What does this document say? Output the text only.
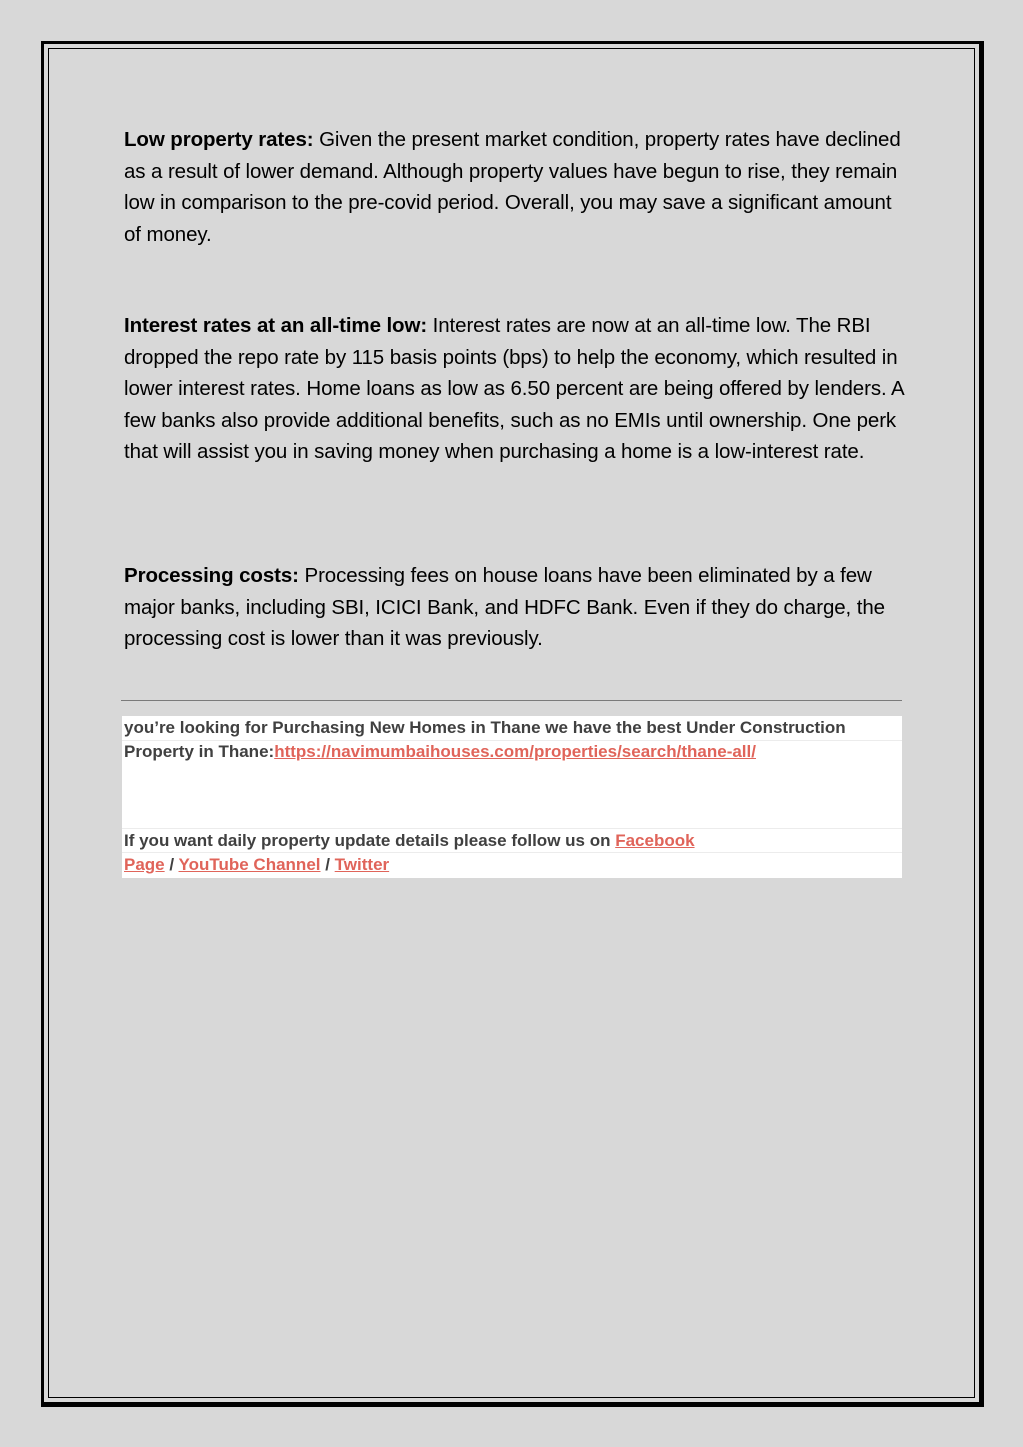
Low property rates: Given the present market condition, property rates have declined as a result of lower demand. Although property values have begun to rise, they remain low in comparison to the pre-covid period. Overall, you may save a significant amount of money.

Interest rates at an all-time low: Interest rates are now at an all-time low. The RBI dropped the repo rate by 115 basis points (bps) to help the economy, which resulted in lower interest rates. Home loans as low as 6.50 percent are being offered by lenders. A few banks also provide additional benefits, such as no EMIs until ownership. One perk that will assist you in saving money when purchasing a home is a low-interest rate.

Processing costs: Processing fees on house loans have been eliminated by a few major banks, including SBI, ICICI Bank, and HDFC Bank. Even if they do charge, the processing cost is lower than it was previously.

you’re looking for Purchasing New Homes in Thane we have the best Under Construction
Property in Thane:https://navimumbaihouses.com/properties/search/thane-all/
If you want daily property update details please follow us on Facebook
Page / YouTube Channel / Twitter
